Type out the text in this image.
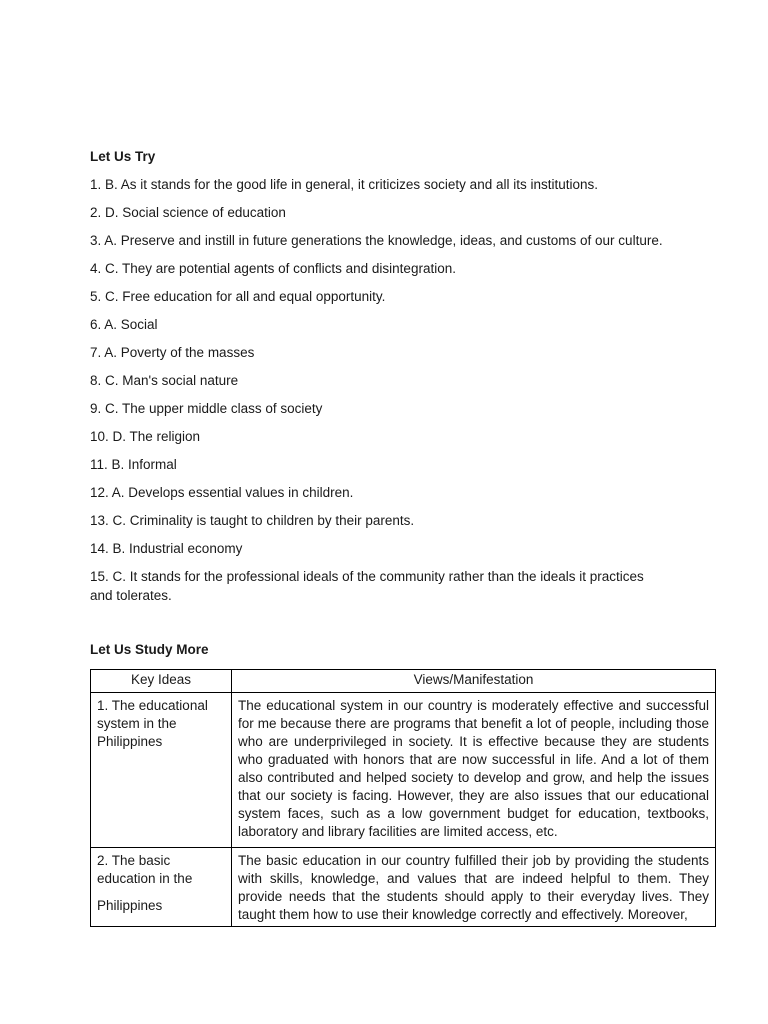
Let Us Try
1. B. As it stands for the good life in general, it criticizes society and all its institutions.
2. D. Social science of education
3. A. Preserve and instill in future generations the knowledge, ideas, and customs of our culture.
4. C. They are potential agents of conflicts and disintegration.
5. C. Free education for all and equal opportunity.
6. A. Social
7. A. Poverty of the masses
8. C. Man's social nature
9. C. The upper middle class of society
10. D. The religion
11. B. Informal
12. A. Develops essential values in children.
13. C. Criminality is taught to children by their parents.
14. B. Industrial economy
15. C. It stands for the professional ideals of the community rather than the ideals it practices and tolerates.
Let Us Study More
Key Ideas	Views/Manifestation
1. The educational system in the Philippines	The educational system in our country is moderately effective and successful for me because there are programs that benefit a lot of people, including those who are underprivileged in society. It is effective because they are students who graduated with honors that are now successful in life. And a lot of them also contributed and helped society to develop and grow, and help the issues that our society is facing. However, they are also issues that our educational system faces, such as a low government budget for education, textbooks, laboratory and library facilities are limited access, etc.
2. The basic education in the
Philippines	The basic education in our country fulfilled their job by providing the students with skills, knowledge, and values that are indeed helpful to them. They provide needs that the students should apply to their everyday lives. They taught them how to use their knowledge correctly and effectively. Moreover,
